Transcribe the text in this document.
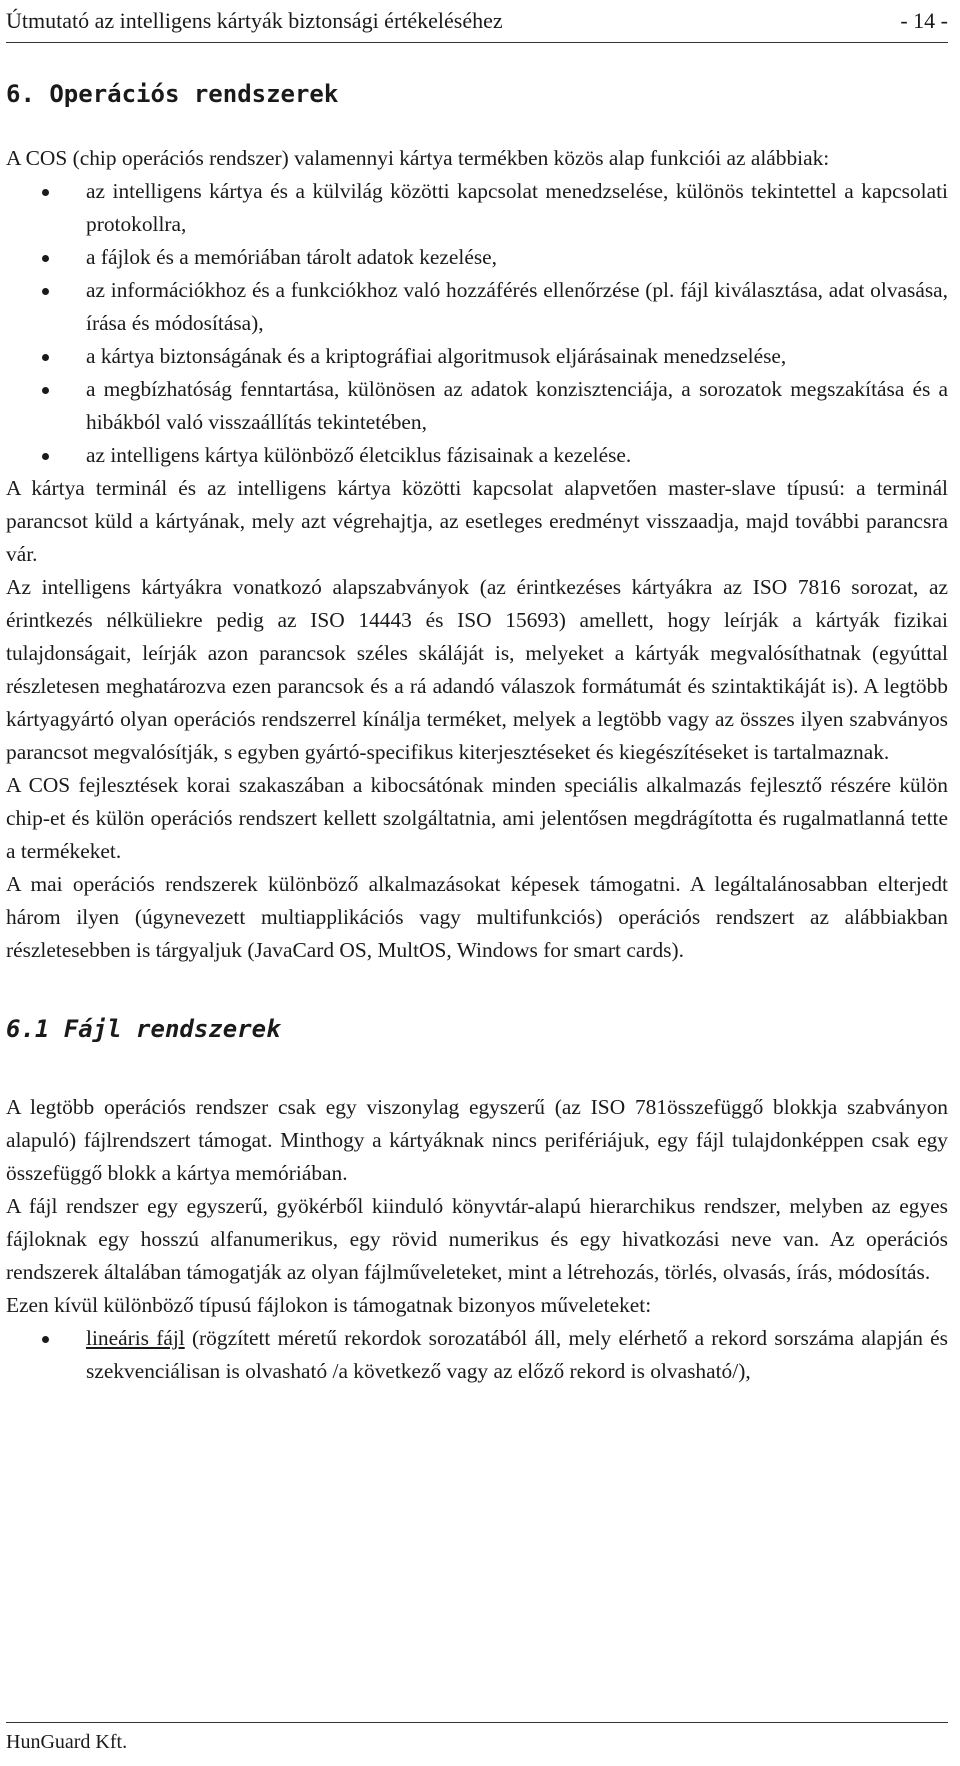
Útmutató az intelligens kártyák biztonsági értékeléséhez	- 14 -
6. Operációs rendszerek

A COS (chip operációs rendszer) valamennyi kártya termékben közös alap funkciói az alábbiak:

az intelligens kártya és a külvilág közötti kapcsolat menedzselése, különös tekintettel a kapcsolati protokollra,
a fájlok és a memóriában tárolt adatok kezelése,
az információkhoz és a funkciókhoz való hozzáférés ellenőrzése (pl. fájl kiválasztása, adat olvasása, írása és módosítása),
a kártya biztonságának és a kriptográfiai algoritmusok eljárásainak menedzselése,
a megbízhatóság fenntartása, különösen az adatok konzisztenciája, a sorozatok megszakítása és a hibákból való visszaállítás tekintetében,
az intelligens kártya különböző életciklus fázisainak a kezelése.

A kártya terminál és az intelligens kártya közötti kapcsolat alapvetően master-slave típusú: a terminál parancsot küld a kártyának, mely azt végrehajtja, az esetleges eredményt visszaadja, majd további parancsra vár.

Az intelligens kártyákra vonatkozó alapszabványok (az érintkezéses kártyákra az ISO 7816 sorozat, az érintkezés nélküliekre pedig az ISO 14443 és ISO 15693) amellett, hogy leírják a kártyák fizikai tulajdonságait, leírják azon parancsok széles skáláját is, melyeket a kártyák megvalósíthatnak (egyúttal részletesen meghatározva ezen parancsok és a rá adandó válaszok formátumát és szintaktikáját is). A legtöbb kártyagyártó olyan operációs rendszerrel kínálja terméket, melyek a legtöbb vagy az összes ilyen szabványos parancsot megvalósítják, s egyben gyártó-specifikus kiterjesztéseket és kiegészítéseket is tartalmaznak.

A COS fejlesztések korai szakaszában a kibocsátónak minden speciális alkalmazás fejlesztő részére külön chip-et és külön operációs rendszert kellett szolgáltatnia, ami jelentősen megdrágította és rugalmatlanná tette a termékeket.

A mai operációs rendszerek különböző alkalmazásokat képesek támogatni. A legáltalánosabban elterjedt három ilyen (úgynevezett multiapplikációs vagy multifunkciós) operációs rendszert az alábbiakban részletesebben is tárgyaljuk (JavaCard OS, MultOS, Windows for smart cards).

6.1 Fájl rendszerek

A legtöbb operációs rendszer csak egy viszonylag egyszerű (az ISO 781összefüggő blokkja szabványon alapuló) fájlrendszert támogat. Minthogy a kártyáknak nincs perifériájuk, egy fájl tulajdonképpen csak egy összefüggő blokk a kártya memóriában.

A fájl rendszer egy egyszerű, gyökérből kiinduló könyvtár-alapú hierarchikus rendszer, melyben az egyes fájloknak egy hosszú alfanumerikus, egy rövid numerikus és egy hivatkozási neve van. Az operációs rendszerek általában támogatják az olyan fájlműveleteket, mint a létrehozás, törlés, olvasás, írás, módosítás.

Ezen kívül különböző típusú fájlokon is támogatnak bizonyos műveleteket:

lineáris fájl (rögzített méretű rekordok sorozatából áll, mely elérhető a rekord sorszáma alapján és szekvenciálisan is olvasható /a következő vagy az előző rekord is olvasható/),
HunGuard Kft.
